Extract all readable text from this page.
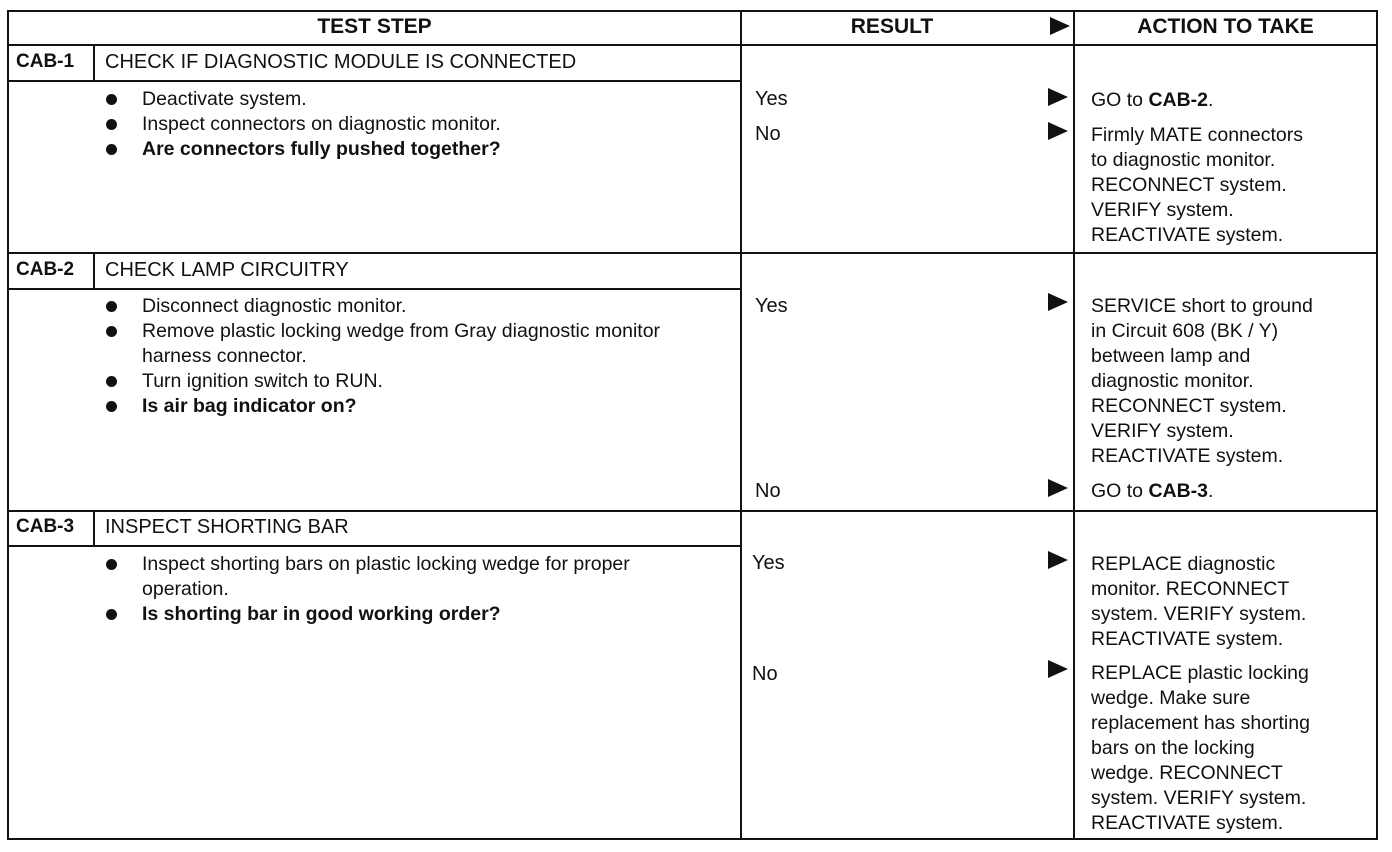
TEST STEP	RESULT	ACTION TO TAKE
CAB-1 CHECK IF DIAGNOSTIC MODULE IS CONNECTED
Deactivate system.
Inspect connectors on diagnostic monitor.
Are connectors fully pushed together?
Yes	GO to CAB-2.
No	Firmly MATE connectors
to diagnostic monitor.
RECONNECT system.
VERIFY system.
REACTIVATE system.
CAB-2 CHECK LAMP CIRCUITRY
Disconnect diagnostic monitor.
Remove plastic locking wedge from Gray diagnostic monitor harness connector.
Turn ignition switch to RUN.
Is air bag indicator on?
Yes	SERVICE short to ground
in Circuit 608 (BK / Y)
between lamp and
diagnostic monitor.
RECONNECT system.
VERIFY system.
REACTIVATE system.
No	GO to CAB-3.
CAB-3 INSPECT SHORTING BAR
Inspect shorting bars on plastic locking wedge for proper operation.
Is shorting bar in good working order?
Yes	REPLACE diagnostic
monitor. RECONNECT
system. VERIFY system.
REACTIVATE system.
No	REPLACE plastic locking
wedge. Make sure
replacement has shorting
bars on the locking
wedge. RECONNECT
system. VERIFY system.
REACTIVATE system.
